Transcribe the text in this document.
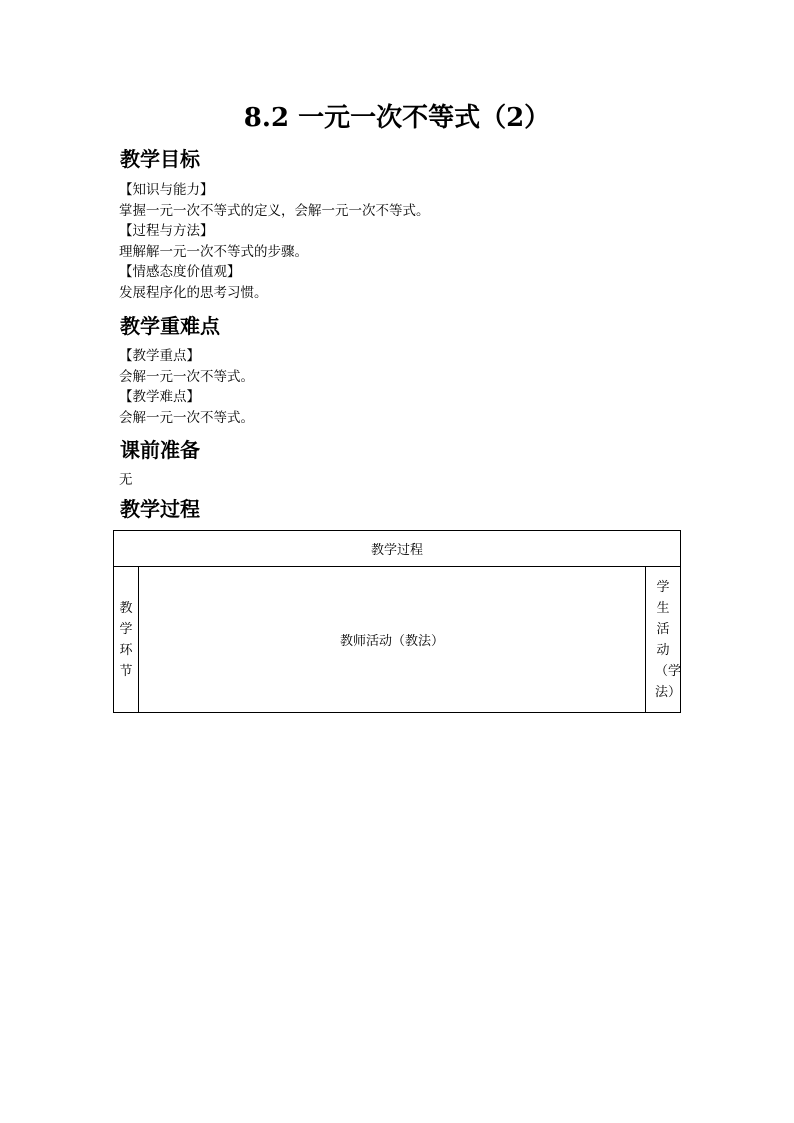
8.2 一元一次不等式（2）
教学目标
【知识与能力】
掌握一元一次不等式的定义，会解一元一次不等式。
【过程与方法】
理解解一元一次不等式的步骤。
【情感态度价值观】
发展程序化的思考习惯。
教学重难点
【教学重点】
会解一元一次不等式。
【教学难点】
会解一元一次不等式。
课前准备
无
教学过程
教学过程
教学环节	教师活动（教法）	学生活动（学法）
